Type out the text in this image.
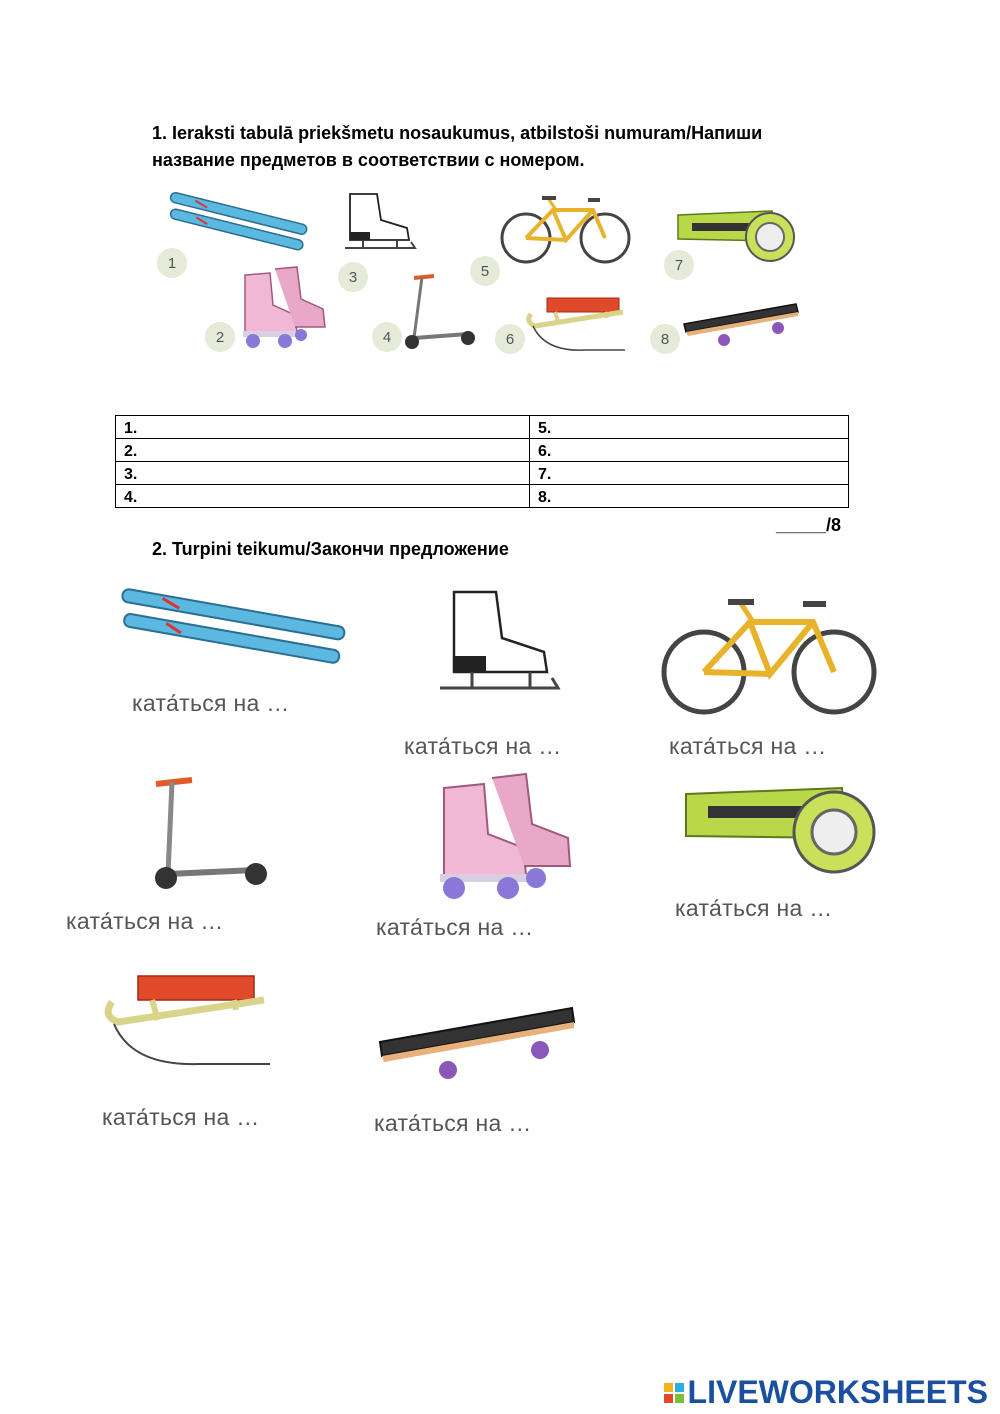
1. Ieraksti tabulā priekšmetu nosaukumus, atbilstoši numuram/Напиши
название предметов в соответствии с номером.
1
2
3
4
5
6
7
8
1.	5.
2.	6.
3.	7.
4.	8.
_____/8
2. Turpini teikumu/Закончи предложение
ката́ться на …
ката́ться на …	ката́ться на …
ката́ться на …	ката́ться на …
ката́ться на …
ката́ться на …	ката́ться на …
LIVEWORKSHEETS
